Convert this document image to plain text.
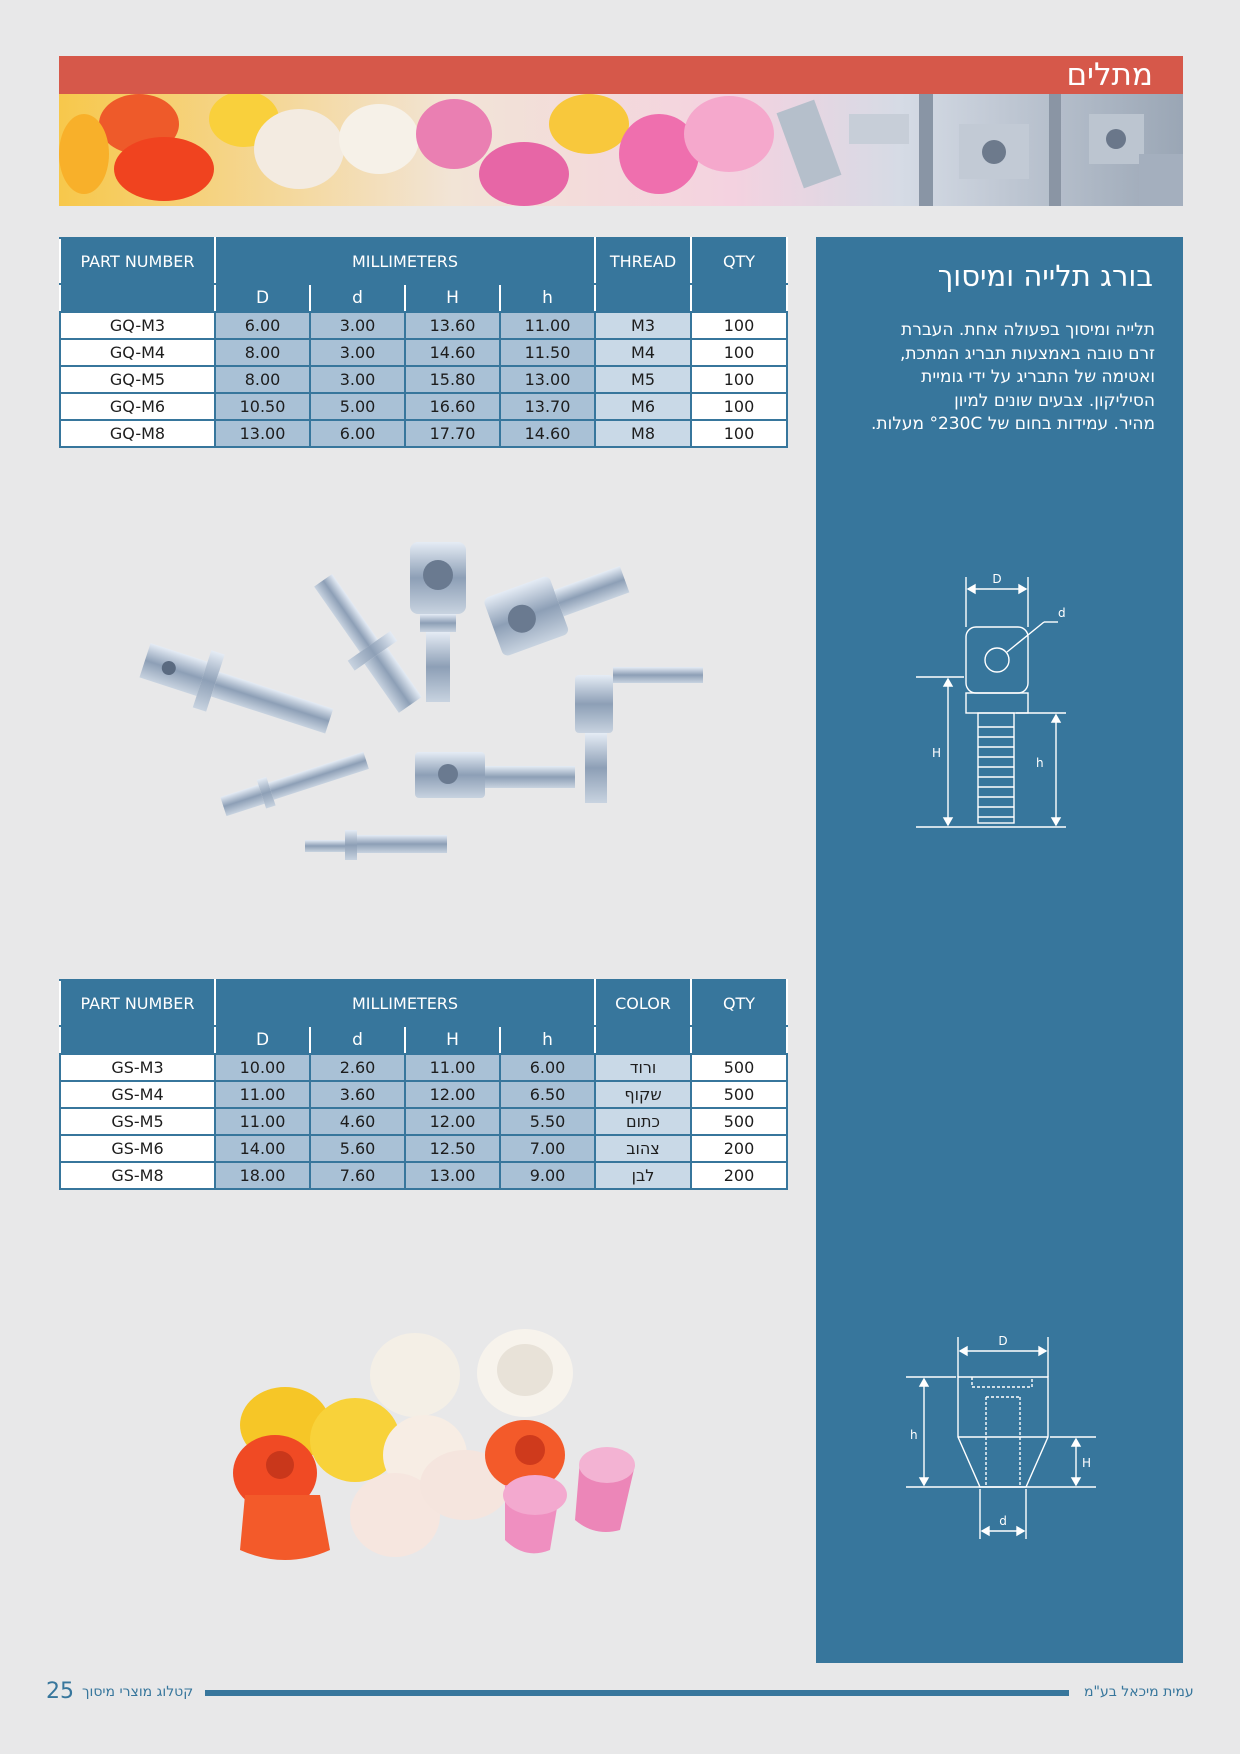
מתלים
PART NUMBER	MILLIMETERS				THREAD	QTY
	D	d	H	h		
GQ-M3	6.00	3.00	13.60	11.00	M3	100
GQ-M4	8.00	3.00	14.60	11.50	M4	100
GQ-M5	8.00	3.00	15.80	13.00	M5	100
GQ-M6	10.50	5.00	16.60	13.70	M6	100
GQ-M8	13.00	6.00	17.70	14.60	M8	100
PART NUMBER	MILLIMETERS				COLOR	QTY
	D	d	H	h		
GS-M3	10.00	2.60	11.00	6.00	ורוד	500
GS-M4	11.00	3.60	12.00	6.50	שקוף	500
GS-M5	11.00	4.60	12.00	5.50	כתום	500
GS-M6	14.00	5.60	12.50	7.00	צהוב	200
GS-M8	18.00	7.60	13.00	9.00	לבן	200
בורג תלייה ומיסוך

תלייה ומיסוך בפעולה אחת. העברת

זרם טובה באמצעות תבריג המתכת,

ואטימה של התבריג על ידי גומיית

הסיליקון. צבעים שונים למיון

מהיר. עמידות בחום של 230C° מעלות.

D
d
H
h
D
h
H
d
25 קטלוג מוצרי מיסוך	עמית מיכאל בע"מ
